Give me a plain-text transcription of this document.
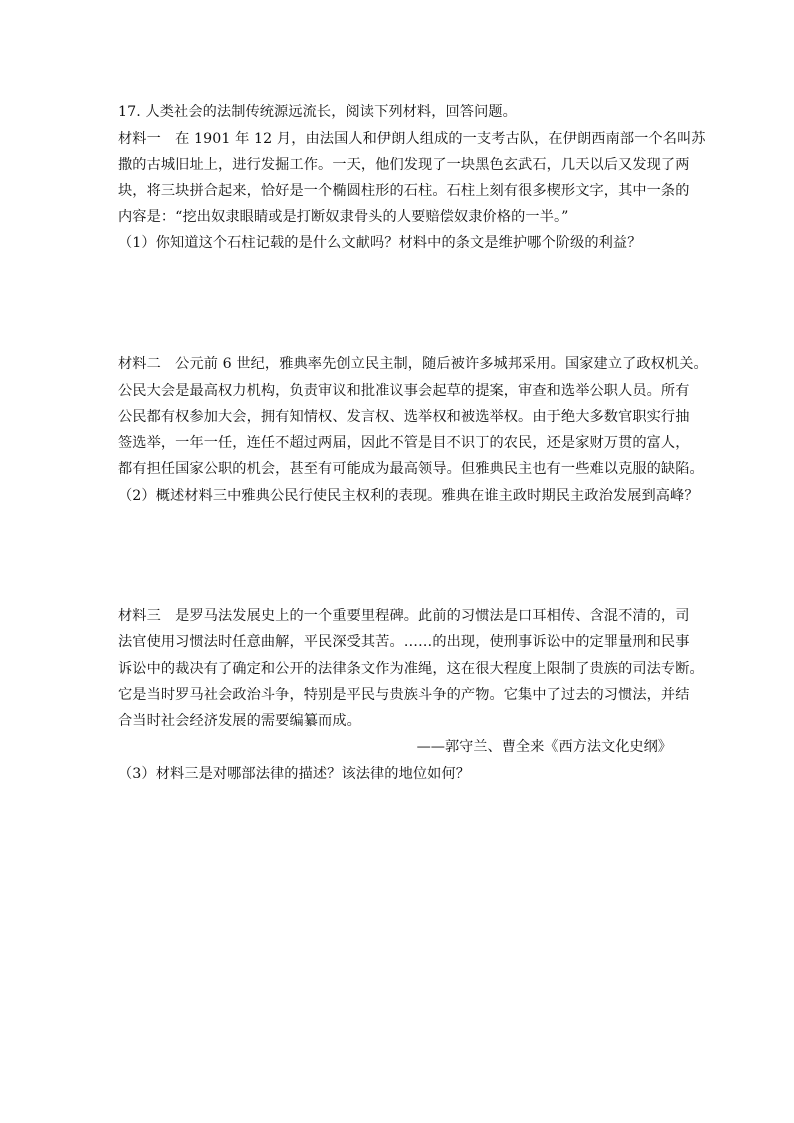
17. 人类社会的法制传统源远流长，阅读下列材料，回答问题。
材料一　在 1901 年 12 月，由法国人和伊朗人组成的一支考古队，在伊朗西南部一个名叫苏
撒的古城旧址上，进行发掘工作。一天，他们发现了一块黑色玄武石，几天以后又发现了两
块，将三块拼合起来，恰好是一个椭圆柱形的石柱。石柱上刻有很多楔形文字，其中一条的
内容是：“挖出奴隶眼睛或是打断奴隶骨头的人要赔偿奴隶价格的一半。”
（1）你知道这个石柱记载的是什么文献吗？材料中的条文是维护哪个阶级的利益？
材料二　公元前 6 世纪，雅典率先创立民主制，随后被许多城邦采用。国家建立了政权机关。
公民大会是最高权力机构，负责审议和批准议事会起草的提案，审查和选举公职人员。所有
公民都有权参加大会，拥有知情权、发言权、选举权和被选举权。由于绝大多数官职实行抽
签选举，一年一任，连任不超过两届，因此不管是目不识丁的农民，还是家财万贯的富人，
都有担任国家公职的机会，甚至有可能成为最高领导。但雅典民主也有一些难以克服的缺陷。
（2）概述材料三中雅典公民行使民主权利的表现。雅典在谁主政时期民主政治发展到高峰？
材料三　是罗马法发展史上的一个重要里程碑。此前的习惯法是口耳相传、含混不清的，司
法官使用习惯法时任意曲解，平民深受其苦。……的出现，使刑事诉讼中的定罪量刑和民事
诉讼中的裁决有了确定和公开的法律条文作为准绳，这在很大程度上限制了贵族的司法专断。
它是当时罗马社会政治斗争，特别是平民与贵族斗争的产物。它集中了过去的习惯法，并结
合当时社会经济发展的需要编纂而成。
——郭守兰、曹全来《西方法文化史纲》
（3）材料三是对哪部法律的描述？该法律的地位如何？
